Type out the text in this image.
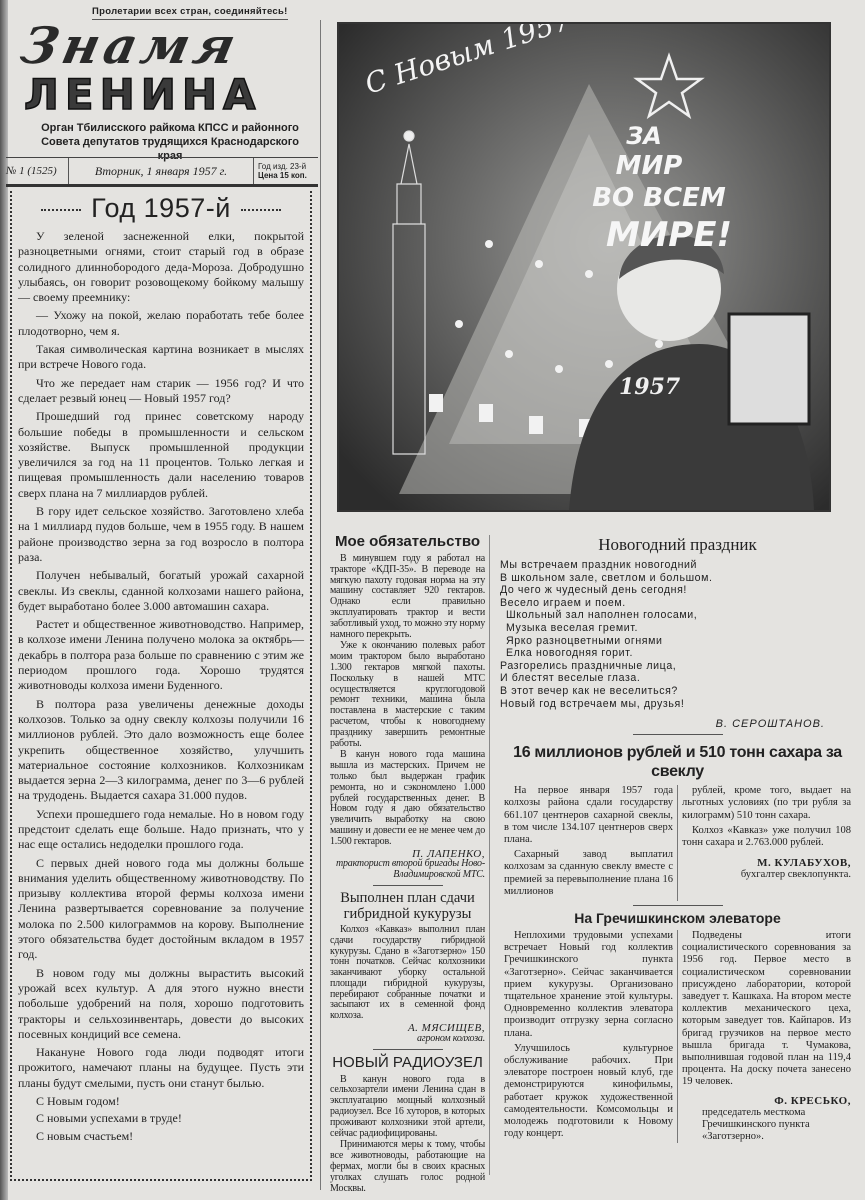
Пролетарии всех стран, соединяйтесь!
Знамя
ЛЕНИНА
Орган Тбилисского райкома КПСС и районного Совета депутатов трудящихся Краснодарского края
№ 1 (1525)	Вторник, 1 января 1957 г.	Год изд. 23-й
Цена 15 коп.
Год 1957-й

У зеленой заснеженной елки, покрытой разноцветными огнями, стоит старый год в образе солидного длиннобородого деда-Мороза. Добродушно улыбаясь, он говорит розовощекому бойкому малышу — своему преемнику:

— Ухожу на покой, желаю поработать тебе более плодотворно, чем я.

Такая символическая картина возникает в мыслях при встрече Нового года.

Что же передает нам старик — 1956 год? И что сделает резвый юнец — Новый 1957 год?

Прошедший год принес советскому народу большие победы в промышленности и сельском хозяйстве. Выпуск промышленной продукции увеличился за год на 11 процентов. Только легкая и пищевая промышленность дали населению товаров сверх плана на 7 миллиардов рублей.

В гору идет сельское хозяйство. Заготовлено хлеба на 1 миллиард пудов больше, чем в 1955 году. В нашем районе производство зерна за год возросло в полтора раза.

Получен небывалый, богатый урожай сахарной свеклы. Из свеклы, сданной колхозами нашего района, будет выработано более 3.000 автомашин сахара.

Растет и общественное животноводство. Например, в колхозе имени Ленина получено молока за октябрь—декабрь в полтора раза больше по сравнению с этим же периодом прошлого года. Хорошо трудятся животноводы колхоза имени Буденного.

В полтора раза увеличены денежные доходы колхозов. Только за одну свеклу колхозы получили 16 миллионов рублей. Это дало возможность еще более укрепить общественное хозяйство, улучшить материальное состояние колхозников. Колхозникам выдается зерна 2—3 килограмма, денег по 3—6 рублей на трудодень. Выдается сахара 31.000 пудов.

Успехи прошедшего года немалые. Но в новом году предстоит сделать еще больше. Надо признать, что у нас еще остались недоделки прошлого года.

С первых дней нового года мы должны больше внимания уделить общественному животноводству. По призыву коллектива второй фермы колхоза имени Ленина развертывается соревнование за получение молока по 2.500 килограммов на корову. Выполнение этого обязательства будет достойным вкладом в 1957 год.

В новом году мы должны вырастить высокий урожай всех культур. А для этого нужно внести побольше удобрений на поля, хорошо подготовить тракторы и сельхозинвентарь, довести до высоких посевных кондиций все семена.

Накануне Нового года люди подводят итоги прожитого, намечают планы на будущее. Пусть эти планы будут смелыми, пусть они станут былью.

С Новым годом!

С новыми успехами в труде!

С новым счастьем!

ЗА
МИР
ВО ВСЕМ
МИРЕ!
1957
Мое обязательство

В минувшем году я работал на тракторе «КДП-35». В переводе на мягкую пахоту годовая норма на эту машину составляет 920 гектаров. Однако если правильно эксплуатировать трактор и вести заботливый уход, то можно эту норму намного перекрыть.

Уже к окончанию полевых работ моим трактором было выработано 1.300 гектаров мягкой пахоты. Поскольку в нашей МТС осуществляется круглогодовой ремонт техники, машина была поставлена в мастерские с таким расчетом, чтобы к новогоднему празднику завершить ремонтные работы.

В канун нового года машина вышла из мастерских. Причем не только был выдержан график ремонта, но и сэкономлено 1.000 рублей государственных денег. В Новом году я даю обязательство увеличить выработку на свою машину и довести ее не менее чем до 1.500 гектаров.

П. ЛАПЕНКО,
тракторист второй бригады Ново-Владимировской МТС.
Выполнен план сдачи гибридной кукурузы

Колхоз «Кавказ» выполнил план сдачи государству гибридной кукурузы. Сдано в «Заготзерно» 150 тонн початков. Сейчас колхозники заканчивают уборку остальной площади гибридной кукурузы, перебирают собранные початки и засыпают их в семенной фонд колхоза.

А. МЯСИЩЕВ,
агроном колхоза.
НОВЫЙ РАДИОУЗЕЛ

В канун нового года в сельхозартели имени Ленина сдан в эксплуатацию мощный колхозный радиоузел. Все 16 хуторов, в которых проживают колхозники этой артели, сейчас радиофицированы.

Принимаются меры к тому, чтобы все животноводы, работающие на фермах, могли бы в своих красных уголках слушать голос родной Москвы.

Новогодний праздник
Мы встречаем праздник новогодний
В школьном зале, светлом и большом.
До чего ж чудесный день сегодня!
Весело играем и поем.
Школьный зал наполнен голосами,
Музыка веселая гремит.
Ярко разноцветными огнями
Елка новогодняя горит.
Разгорелись праздничные лица,
И блестят веселые глаза.
В этот вечер как не веселиться?
Новый год встречаем мы, друзья!
В. СЕРОШТАНОВ.
16 миллионов рублей и 510 тонн сахара за свеклу

На первое января 1957 года колхозы района сдали государству 661.107 центнеров сахарной свеклы, в том числе 134.107 центнеров сверх плана.

Сахарный завод выплатил колхозам за сданную свеклу вместе с премией за перевыполнение плана 16 миллионов

рублей, кроме того, выдает на льготных условиях (по три рубля за килограмм) 510 тонн сахара.

Колхоз «Кавказ» уже получил 108 тонн сахара и 2.763.000 рублей.

М. КУЛАБУХОВ,
бухгалтер свеклопункта.
На Гречишкинском элеваторе

Неплохими трудовыми успехами встречает Новый год коллектив Гречишкинского пункта «Заготзерно». Сейчас заканчивается прием кукурузы. Организовано тщательное хранение этой культуры. Одновременно коллектив элеватора производит отгрузку зерна согласно плана.

Улучшилось культурное обслуживание рабочих. При элеваторе построен новый клуб, где демонстрируются кинофильмы, работает кружок художественной самодеятельности. Комсомольцы и молодежь подготовили к Новому году концерт.

Подведены итоги социалистического соревнования за 1956 год. Первое место в социалистическом соревновании присуждено лаборатории, которой заведует т. Кашкаха. На втором месте коллектив механического цеха, которым заведует тов. Кайпаров. Из бригад грузчиков на первое место вышла бригада т. Чумакова, выполнившая годовой план на 119,4 процента. На доску почета занесено 19 человек.

Ф. КРЕСЬКО,
председатель месткома Гречишкинского пункта «Заготзерно».
